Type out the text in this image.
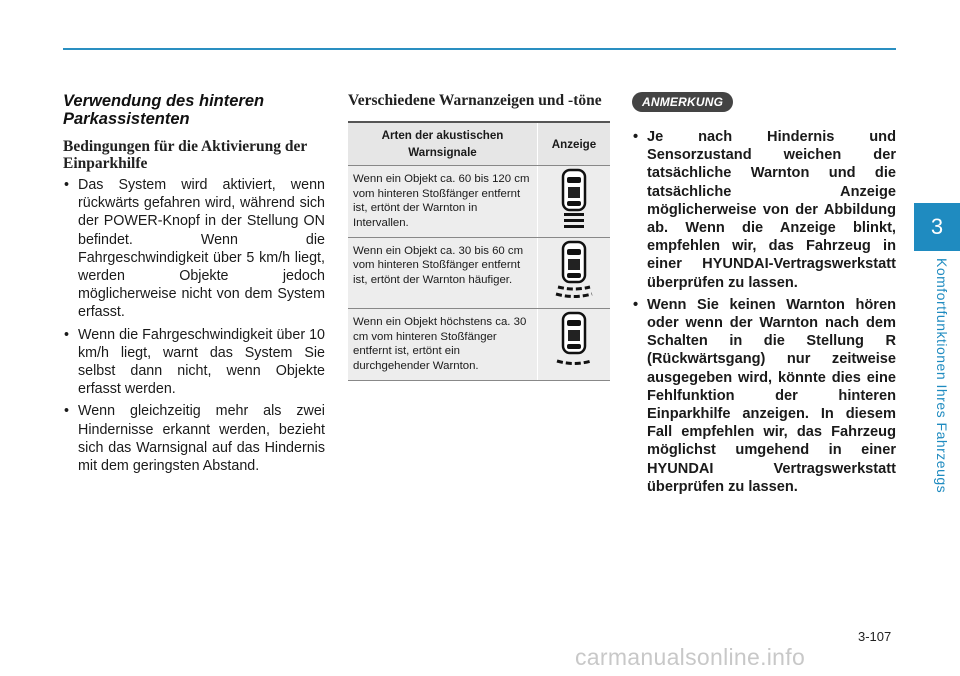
3
Komfortfunktionen Ihres Fahrzeugs
Verwendung des hinteren Parkassistenten
Bedingungen für die Aktivierung der Einparkhilfe
• Das System wird aktiviert, wenn rückwärts gefahren wird, während sich der POWER-Knopf in der Stellung ON befindet. Wenn die Fahrgeschwindigkeit über 5 km/h liegt, werden Objekte jedoch möglicherweise nicht von dem System erfasst.
• Wenn die Fahrgeschwindigkeit über 10 km/h liegt, warnt das System Sie selbst dann nicht, wenn Objekte erfasst werden.
• Wenn gleichzeitig mehr als zwei Hindernisse erkannt werden, bezieht sich das Warnsignal auf das Hindernis mit dem geringsten Abstand.
Verschiedene Warnanzeigen und -töne
Arten der akustischen Warnsignale	Anzeige
Wenn ein Objekt ca. 60 bis 120 cm vom hinteren Stoßfänger entfernt ist, ertönt der Warnton in Intervallen.	
Wenn ein Objekt ca. 30 bis 60 cm vom hinteren Stoßfänger entfernt ist, ertönt der Warnton häufiger.	
Wenn ein Objekt höchstens ca. 30 cm vom hinteren Stoßfänger entfernt ist, ertönt ein durchgehender Warnton.	
ANMERKUNG
• Je nach Hindernis und Sensorzustand weichen der tatsächliche Warnton und die tatsächliche Anzeige möglicherweise von der Abbildung ab. Wenn die Anzeige blinkt, empfehlen wir, das Fahrzeug in einer HYUNDAI-Vertragswerkstatt überprüfen zu lassen.
• Wenn Sie keinen Warnton hören oder wenn der Warnton nach dem Schalten in die Stellung R (Rückwärtsgang) nur zeitweise ausgegeben wird, könnte dies eine Fehlfunktion der hinteren Einparkhilfe anzeigen. In diesem Fall empfehlen wir, das Fahrzeug möglichst umgehend in einer HYUNDAI Vertragswerkstatt überprüfen zu lassen.
3-107
carmanualsonline.info
